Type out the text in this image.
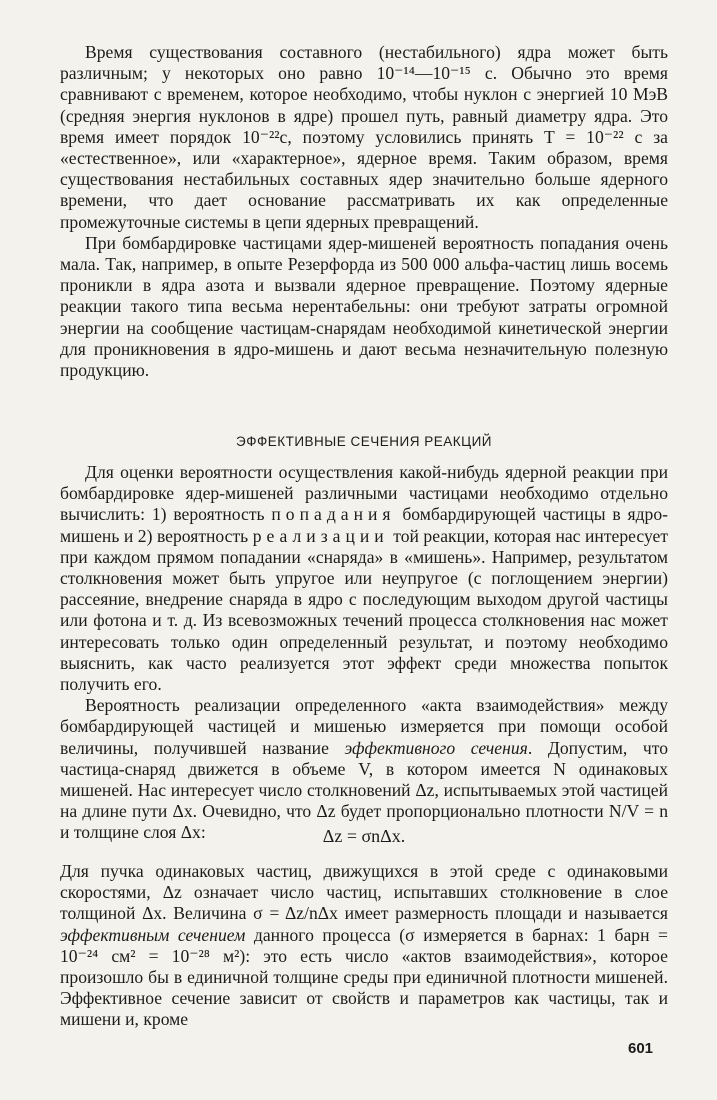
Время существования составного (нестабильного) ядра может быть различным; у некоторых оно равно 10⁻¹⁴—10⁻¹⁵ с. Обычно это время сравнивают с временем, которое необходимо, чтобы нуклон с энергией 10 МэВ (средняя энергия нуклонов в ядре) прошел путь, равный диаметру ядра. Это время имеет порядок 10⁻²²с, поэтому условились принять T = 10⁻²² с за «естественное», или «характерное», ядерное время. Таким образом, время существования нестабильных составных ядер значительно больше ядерного времени, что дает основание рассматривать их как определенные промежуточные системы в цепи ядерных превращений.

При бомбардировке частицами ядер-мишеней вероятность попадания очень мала. Так, например, в опыте Резерфорда из 500 000 альфа-частиц лишь восемь проникли в ядра азота и вызвали ядерное превращение. Поэтому ядерные реакции такого типа весьма нерентабельны: они требуют затраты огромной энергии на сообщение частицам-снарядам необходимой кинетической энергии для проникновения в ядро-мишень и дают весьма незначительную полезную продукцию.

ЭФФЕКТИВНЫЕ СЕЧЕНИЯ РЕАКЦИЙ

Для оценки вероятности осуществления какой-нибудь ядерной реакции при бомбардировке ядер-мишеней различными частицами необходимо отдельно вычислить: 1) вероятность попадания бомбардирующей частицы в ядро-мишень и 2) вероятность реализации той реакции, которая нас интересует при каждом прямом попадании «снаряда» в «мишень». Например, результатом столкновения может быть упругое или неупругое (с поглощением энергии) рассеяние, внедрение снаряда в ядро с последующим выходом другой частицы или фотона и т. д. Из всевозможных течений процесса столкновения нас может интересовать только один определенный результат, и поэтому необходимо выяснить, как часто реализуется этот эффект среди множества попыток получить его.

Вероятность реализации определенного «акта взаимодействия» между бомбардирующей частицей и мишенью измеряется при помощи особой величины, получившей название эффективного сечения. Допустим, что частица-снаряд движется в объеме V, в котором имеется N одинаковых мишеней. Нас интересует число столкновений Δz, испытываемых этой частицей на длине пути Δx. Очевидно, что Δz будет пропорционально плотности N/V = n и толщине слоя Δx:	Δz = σnΔx.

Для пучка одинаковых частиц, движущихся в этой среде с одинаковыми скоростями, Δz означает число частиц, испытавших столкновение в слое толщиной Δx. Величина σ = Δz/nΔx имеет размерность площади и называется эффективным сечением данного процесса (σ измеряется в барнах: 1 барн = 10⁻²⁴ см² = 10⁻²⁸ м²): это есть число «актов взаимодействия», которое произошло бы в единичной толщине среды при единичной плотности мишеней. Эффективное сечение зависит от свойств и параметров как частицы, так и мишени и, кроме

601
